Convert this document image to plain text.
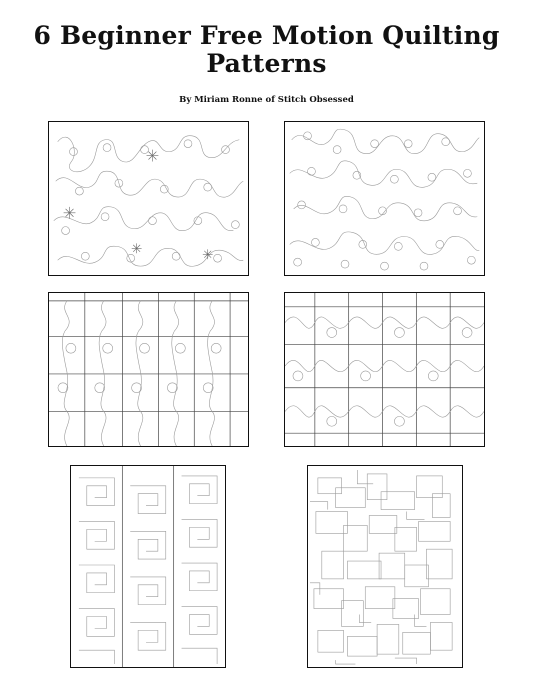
6 Beginner Free Motion Quilting
Patterns
By Miriam Ronne of Stitch Obsessed
